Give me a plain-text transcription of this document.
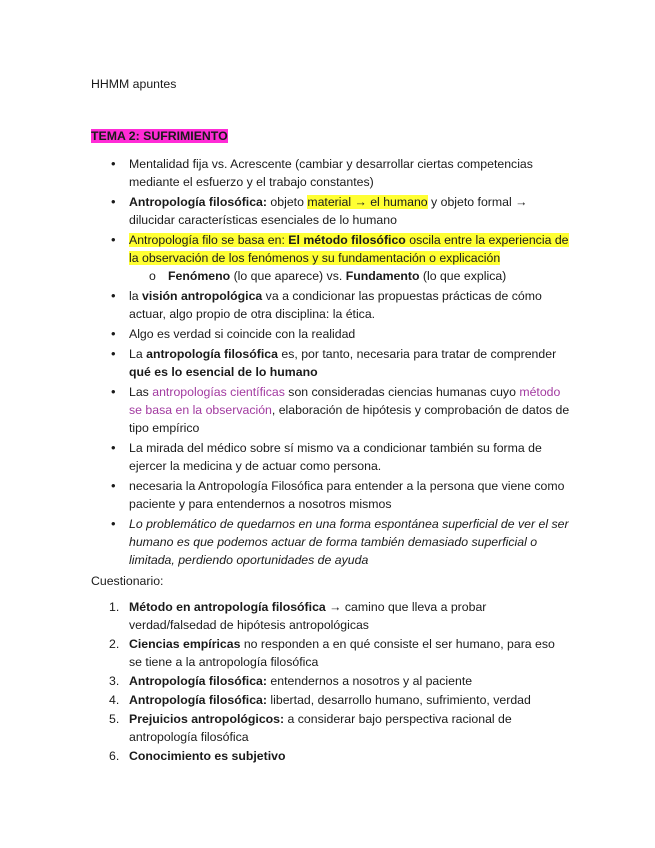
HHMM apuntes
TEMA 2: SUFRIMIENTO
• Mentalidad fija vs. Acrescente (cambiar y desarrollar ciertas competencias mediante el esfuerzo y el trabajo constantes)
• Antropología filosófica: objeto material → el humano y objeto formal → dilucidar características esenciales de lo humano
• Antropología filo se basa en: El método filosófico oscila entre la experiencia de la observación de los fenómenos y su fundamentación o explicación
o Fenómeno (lo que aparece) vs. Fundamento (lo que explica)
• la visión antropológica va a condicionar las propuestas prácticas de cómo actuar, algo propio de otra disciplina: la ética.
• Algo es verdad si coincide con la realidad
• La antropología filosófica es, por tanto, necesaria para tratar de comprender qué es lo esencial de lo humano
• Las antropologías científicas son consideradas ciencias humanas cuyo método se basa en la observación, elaboración de hipótesis y comprobación de datos de tipo empírico
• La mirada del médico sobre sí mismo va a condicionar también su forma de ejercer la medicina y de actuar como persona.
• necesaria la Antropología Filosófica para entender a la persona que viene como paciente y para entendernos a nosotros mismos
• Lo problemático de quedarnos en una forma espontánea superficial de ver el ser humano es que podemos actuar de forma también demasiado superficial o limitada, perdiendo oportunidades de ayuda
Cuestionario:
1. Método en antropología filosófica → camino que lleva a probar verdad/falsedad de hipótesis antropológicas
2. Ciencias empíricas no responden a en qué consiste el ser humano, para eso se tiene a la antropología filosófica
3. Antropología filosófica: entendernos a nosotros y al paciente
4. Antropología filosófica: libertad, desarrollo humano, sufrimiento, verdad
5. Prejuicios antropológicos: a considerar bajo perspectiva racional de antropología filosófica
6. Conocimiento es subjetivo
